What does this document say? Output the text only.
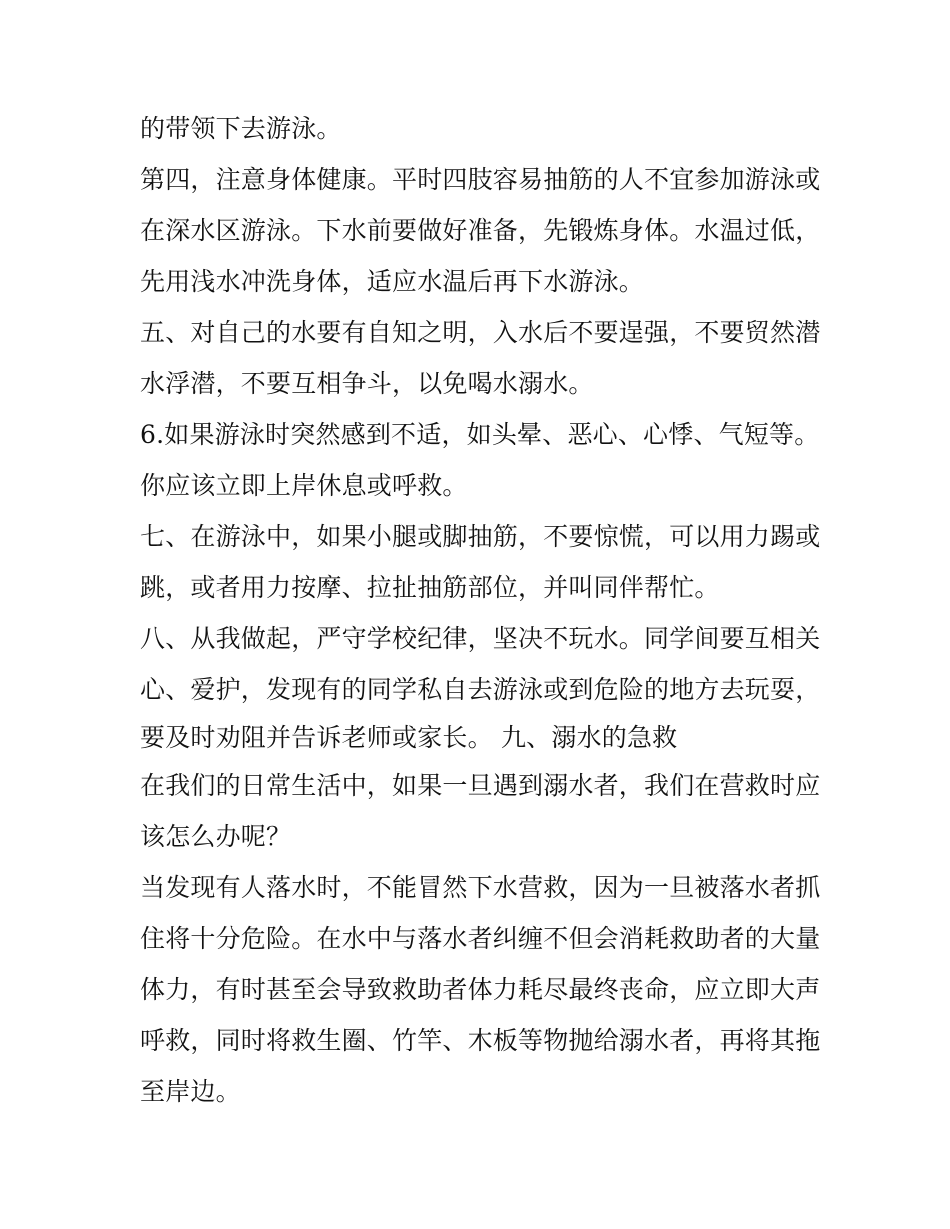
的带领下去游泳。
第四，注意身体健康。平时四肢容易抽筋的人不宜参加游泳或
在深水区游泳。下水前要做好准备，先锻炼身体。水温过低，
先用浅水冲洗身体，适应水温后再下水游泳。
五、对自己的水要有自知之明，入水后不要逞强，不要贸然潜
水浮潜，不要互相争斗，以免喝水溺水。
6.如果游泳时突然感到不适，如头晕、恶心、心悸、气短等。
你应该立即上岸休息或呼救。
七、在游泳中，如果小腿或脚抽筋，不要惊慌，可以用力踢或
跳，或者用力按摩、拉扯抽筋部位，并叫同伴帮忙。
八、从我做起，严守学校纪律，坚决不玩水。同学间要互相关
心、爱护，发现有的同学私自去游泳或到危险的地方去玩耍，
要及时劝阻并告诉老师或家长。 九、溺水的急救
在我们的日常生活中，如果一旦遇到溺水者，我们在营救时应
该怎么办呢？
当发现有人落水时，不能冒然下水营救，因为一旦被落水者抓
住将十分危险。在水中与落水者纠缠不但会消耗救助者的大量
体力，有时甚至会导致救助者体力耗尽最终丧命，应立即大声
呼救，同时将救生圈、竹竿、木板等物抛给溺水者，再将其拖
至岸边。
